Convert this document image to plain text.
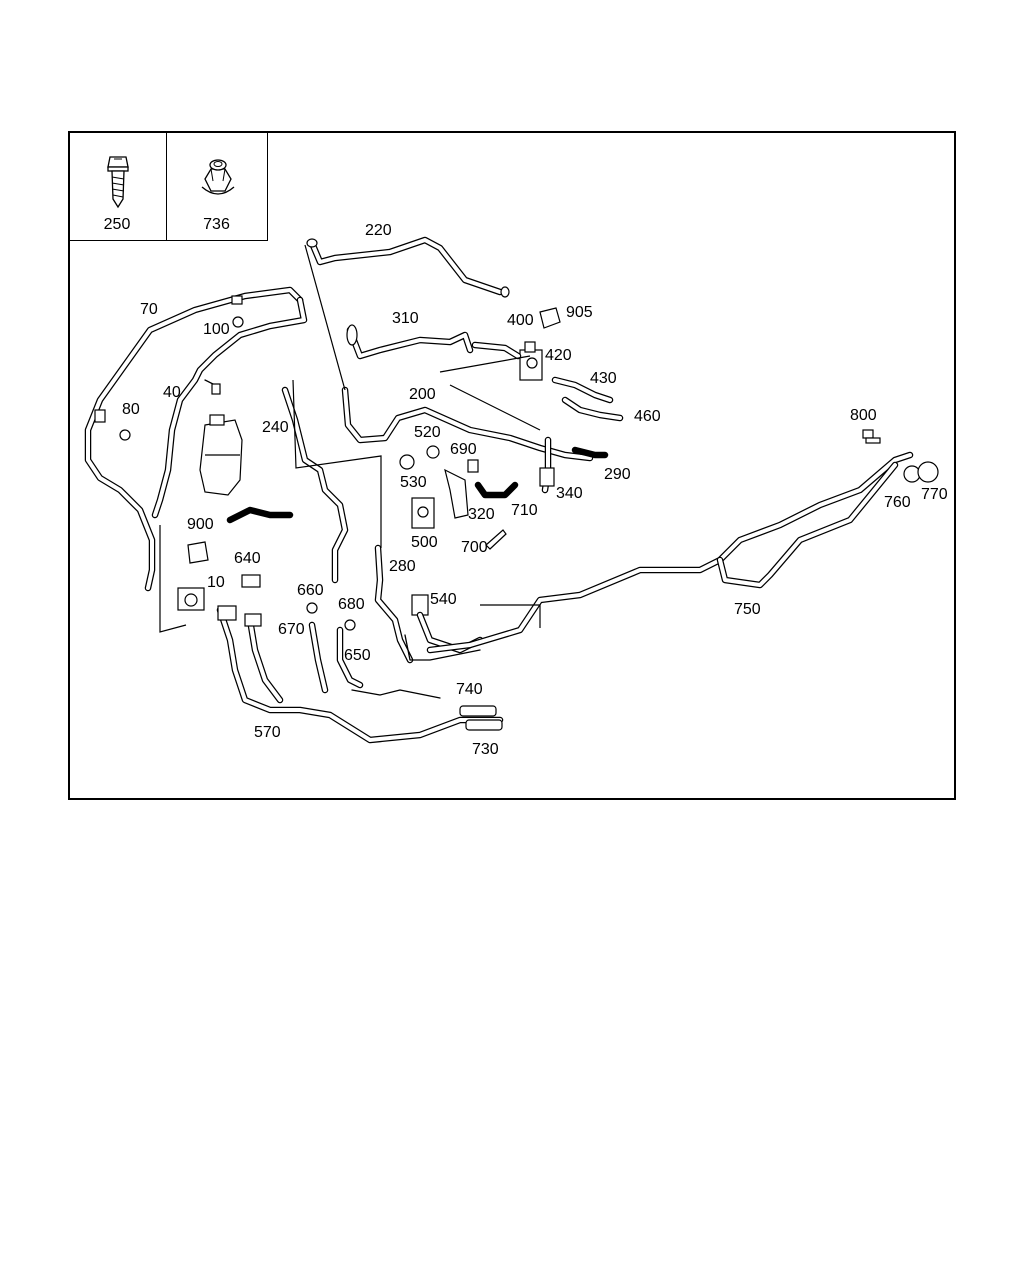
250	736	220
70
100
310	400 905
420
430
40
80
200
460
240	520
800
690
290
530
340
760 770
320 710
900
500 700
640	280
10	660
540
750
680
670
650
740
570
730
